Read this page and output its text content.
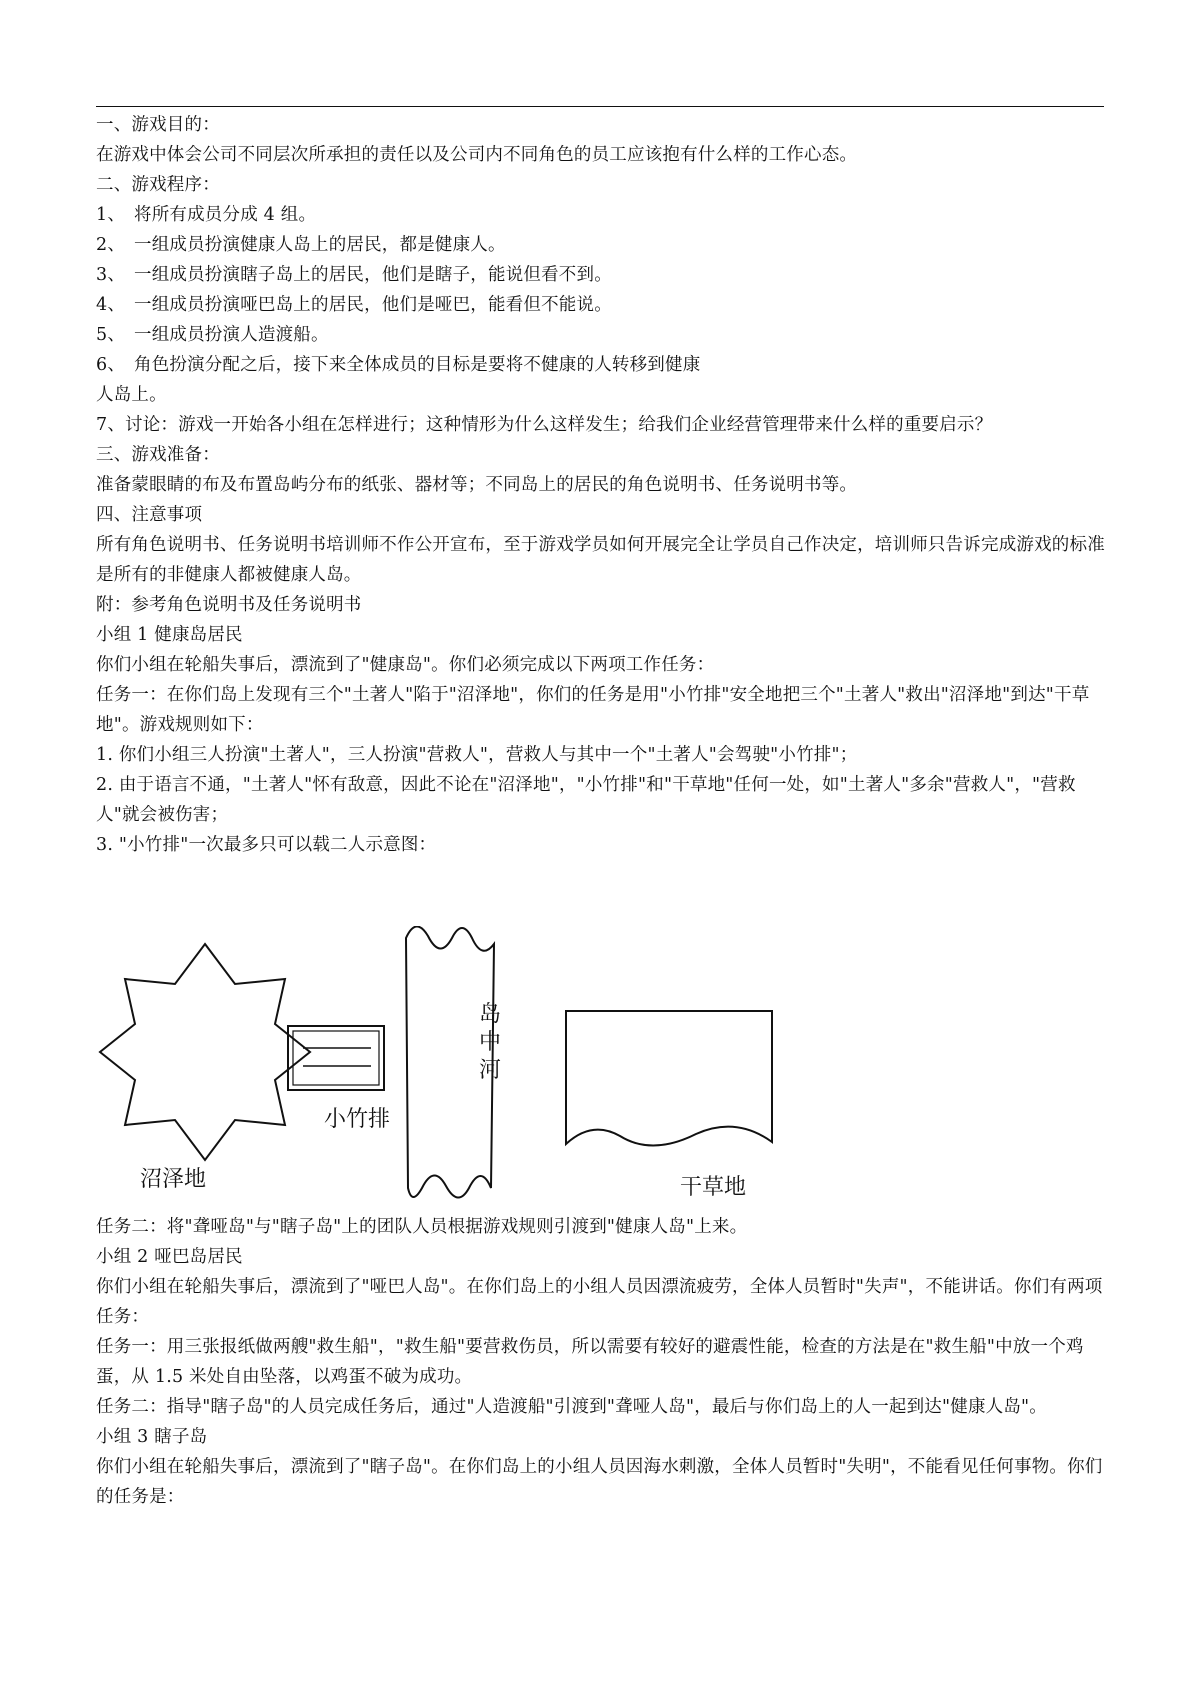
一、游戏目的：

在游戏中体会公司不同层次所承担的责任以及公司内不同角色的员工应该抱有什么样的工作心态。

二、游戏程序：

1、 将所有成员分成 4 组。

2、 一组成员扮演健康人岛上的居民，都是健康人。

3、 一组成员扮演瞎子岛上的居民，他们是瞎子，能说但看不到。

4、 一组成员扮演哑巴岛上的居民，他们是哑巴，能看但不能说。

5、 一组成员扮演人造渡船。

6、 角色扮演分配之后，接下来全体成员的目标是要将不健康的人转移到健康

人岛上。

7、讨论：游戏一开始各小组在怎样进行；这种情形为什么这样发生；给我们企业经营管理带来什么样的重要启示？

三、游戏准备：

准备蒙眼睛的布及布置岛屿分布的纸张、器材等；不同岛上的居民的角色说明书、任务说明书等。

四、注意事项

所有角色说明书、任务说明书培训师不作公开宣布，至于游戏学员如何开展完全让学员自己作决定，培训师只告诉完成游戏的标准是所有的非健康人都被健康人岛。

附：参考角色说明书及任务说明书

小组 1 健康岛居民

你们小组在轮船失事后，漂流到了"健康岛"。你们必须完成以下两项工作任务：

任务一：在你们岛上发现有三个"土著人"陷于"沼泽地"，你们的任务是用"小竹排"安全地把三个"土著人"救出"沼泽地"到达"干草地"。游戏规则如下：

1. 你们小组三人扮演"土著人"，三人扮演"营救人"，营救人与其中一个"土著人"会驾驶"小竹排"；

2. 由于语言不通，"土著人"怀有敌意，因此不论在"沼泽地"，"小竹排"和"干草地"任何一处，如"土著人"多余"营救人"，"营救人"就会被伤害；

3. "小竹排"一次最多只可以载二人示意图：

沼泽地
小竹排
岛中河
干草地

任务二：将"聋哑岛"与"瞎子岛"上的团队人员根据游戏规则引渡到"健康人岛"上来。

小组 2 哑巴岛居民

你们小组在轮船失事后，漂流到了"哑巴人岛"。在你们岛上的小组人员因漂流疲劳，全体人员暂时"失声"，不能讲话。你们有两项任务：

任务一：用三张报纸做两艘"救生船"，"救生船"要营救伤员，所以需要有较好的避震性能，检查的方法是在"救生船"中放一个鸡蛋，从 1.5 米处自由坠落，以鸡蛋不破为成功。

任务二：指导"瞎子岛"的人员完成任务后，通过"人造渡船"引渡到"聋哑人岛"，最后与你们岛上的人一起到达"健康人岛"。

小组 3 瞎子岛

你们小组在轮船失事后，漂流到了"瞎子岛"。在你们岛上的小组人员因海水刺激，全体人员暂时"失明"，不能看见任何事物。你们的任务是：
